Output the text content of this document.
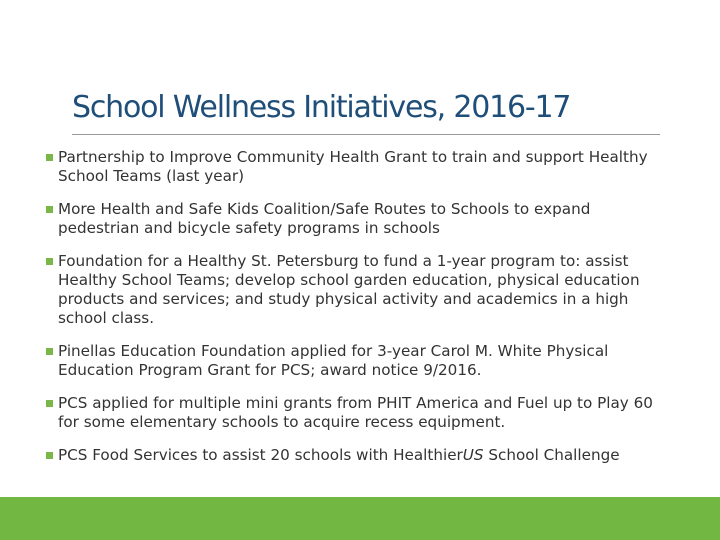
School Wellness Initiatives, 2016-17
Partnership to Improve Community Health Grant to train and support Healthy School Teams (last year)
More Health and Safe Kids Coalition/Safe Routes to Schools to expand pedestrian and bicycle safety programs in schools
Foundation for a Healthy St. Petersburg to fund a 1-year program to: assist Healthy School Teams; develop school garden education, physical education products and services; and study physical activity and academics in a high school class.
Pinellas Education Foundation applied for 3-year Carol M. White Physical Education Program Grant for PCS; award notice 9/2016.
PCS applied for multiple mini grants from PHIT America and Fuel up to Play 60 for some elementary schools to acquire recess equipment.
PCS Food Services to assist 20 schools with HealthierUS School Challenge
